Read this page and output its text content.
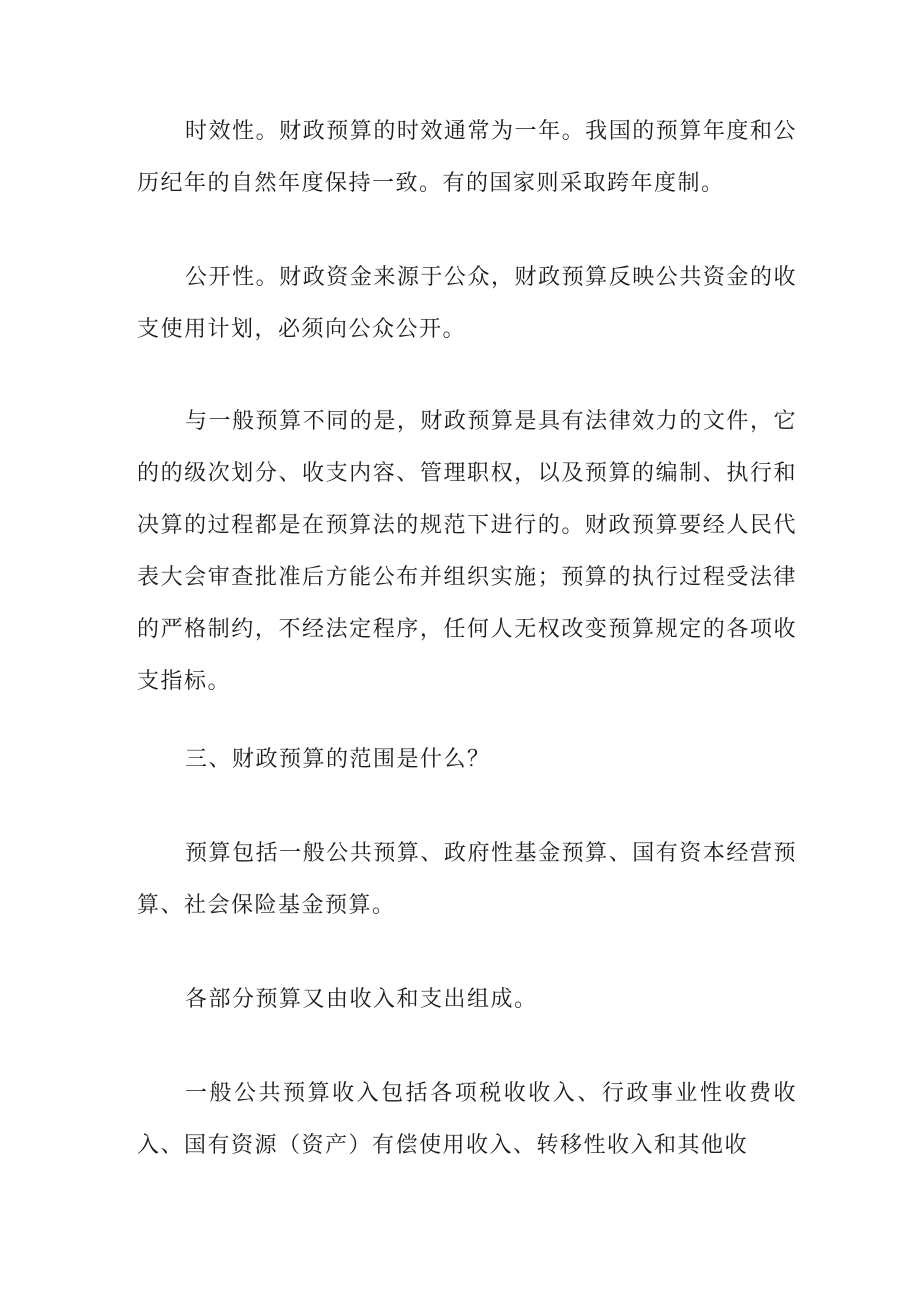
时效性。财政预算的时效通常为一年。我国的预算年度和公历纪年的自然年度保持一致。有的国家则采取跨年度制。

公开性。财政资金来源于公众，财政预算反映公共资金的收支使用计划，必须向公众公开。

与一般预算不同的是，财政预算是具有法律效力的文件，它的的级次划分、收支内容、管理职权，以及预算的编制、执行和决算的过程都是在预算法的规范下进行的。财政预算要经人民代表大会审查批准后方能公布并组织实施；预算的执行过程受法律的严格制约，不经法定程序，任何人无权改变预算规定的各项收支指标。

三、财政预算的范围是什么？

预算包括一般公共预算、政府性基金预算、国有资本经营预算、社会保险基金预算。

各部分预算又由收入和支出组成。

一般公共预算收入包括各项税收收入、行政事业性收费收入、国有资源（资产）有偿使用收入、转移性收入和其他收
